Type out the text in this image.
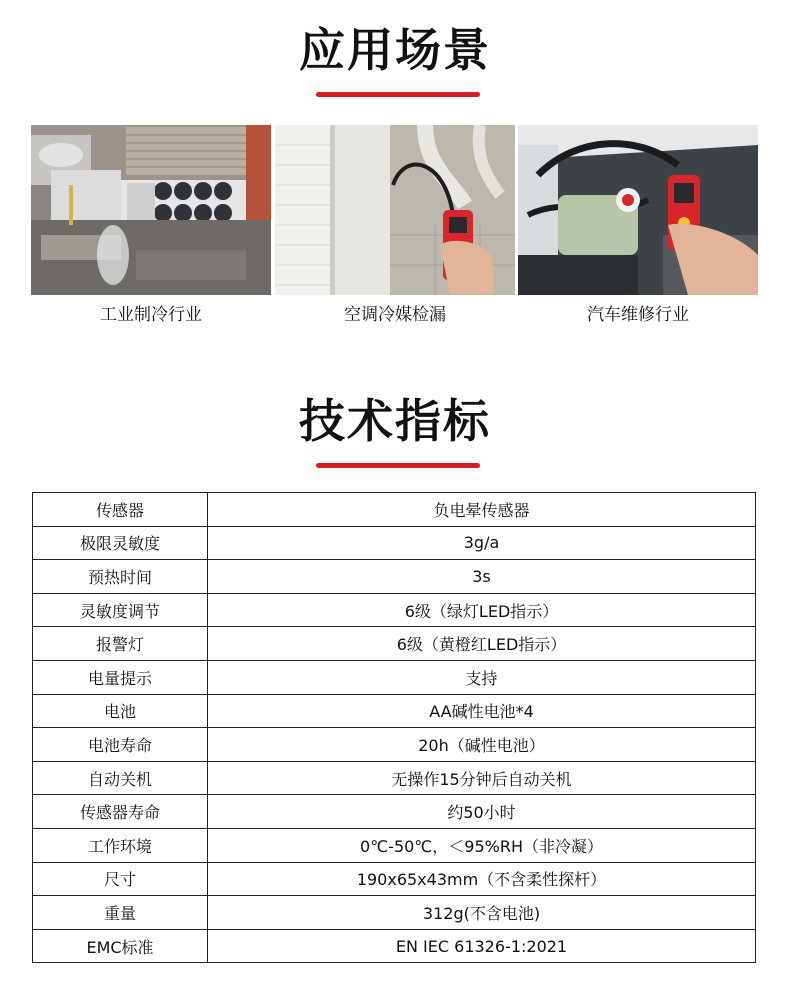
应用场景
工业制冷行业	空调冷媒检漏	汽车维修行业
技术指标
传感器	负电晕传感器
极限灵敏度	3g/a
预热时间	3s
灵敏度调节	6级（绿灯LED指示）
报警灯	6级（黄橙红LED指示）
电量提示	支持
电池	AA碱性电池*4
电池寿命	20h（碱性电池）
自动关机	无操作15分钟后自动关机
传感器寿命	约50小时
工作环境	0℃-50℃，＜95%RH（非冷凝）
尺寸	190x65x43mm（不含柔性探杆）
重量	312g(不含电池)
EMC标准	EN IEC 61326-1:2021
